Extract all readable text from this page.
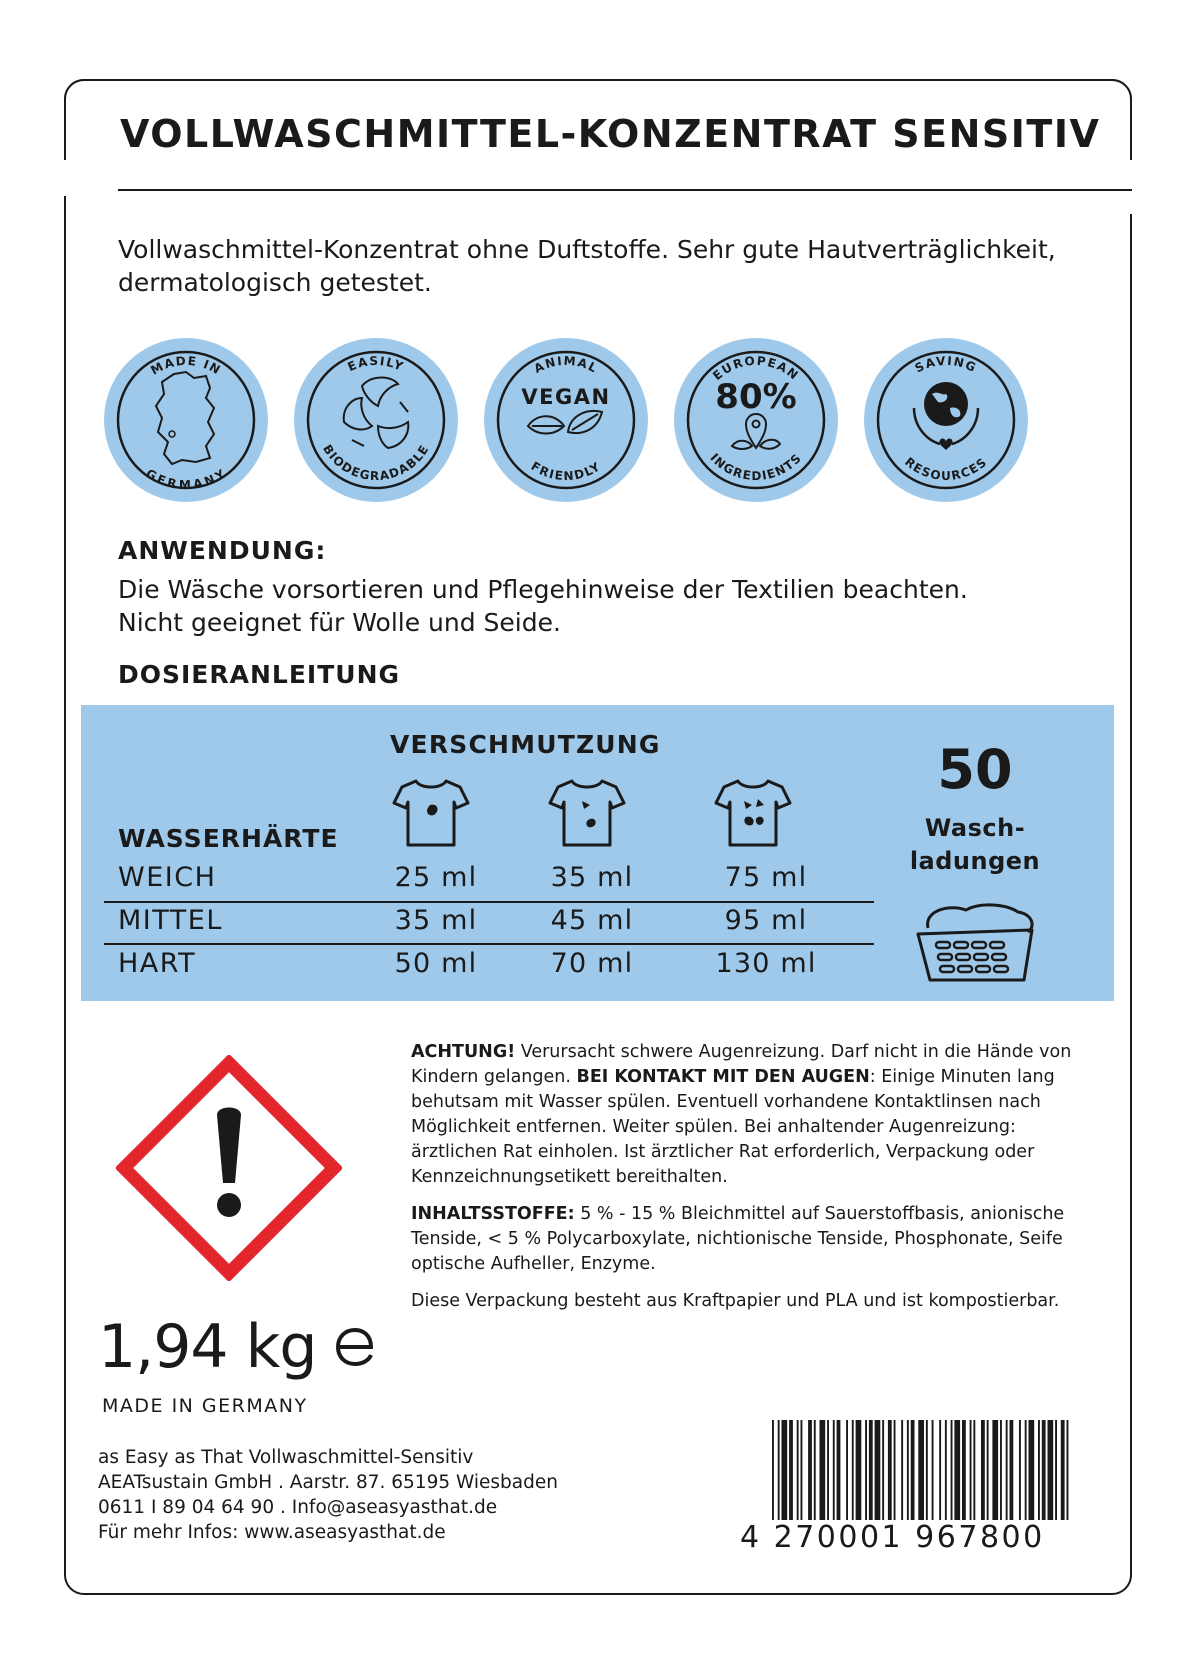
VOLLWASCHMITTEL-KONZENTRAT SENSITIV
Vollwaschmittel-Konzentrat ohne Duftstoffe. Sehr gute Hautverträglichkeit,
dermatologisch getestet.
MADE IN
GERMANY
EASILY
BIODEGRADABLE
ANIMAL
FRIENDLY
VEGAN
EUROPEAN
INGREDIENTS
80%
SAVING
RESOURCES
ANWENDUNG:
Die Wäsche vorsortieren und Pflegehinweise der Textilien beachten.
Nicht geeignet für Wolle und Seide.
DOSIERANLEITUNG
VERSCHMUTZUNG
WASSERHÄRTE
WEICH	25 ml	35 ml	75 ml
MITTEL	35 ml	45 ml	95 ml
HART	50 ml	70 ml	130 ml
50
Wasch-
ladungen

ACHTUNG! Verursacht schwere Augenreizung. Darf nicht in die Hände von Kindern gelangen. BEI KONTAKT MIT DEN AUGEN: Einige Minuten lang behutsam mit Wasser spülen. Eventuell vorhandene Kontaktlinsen nach Möglichkeit entfernen. Weiter spülen. Bei anhaltender Augenreizung: ärztlichen Rat einholen. Ist ärztlicher Rat erforderlich, Verpackung oder Kennzeichnungsetikett bereithalten.

INHALTSSTOFFE: 5 % - 15 % Bleichmittel auf Sauerstoffbasis, anionische Tenside, < 5 % Polycarboxylate, nichtionische Tenside, Phosphonate, Seife optische Aufheller, Enzyme.

Diese Verpackung besteht aus Kraftpapier und PLA und ist kompostierbar.

1,94 kg
MADE IN GERMANY
as Easy as That Vollwaschmittel-Sensitiv
AEATsustain GmbH . Aarstr. 87. 65195 Wiesbaden
0611 I 89 04 64 90 . Info@aseasyasthat.de
Für mehr Infos: www.aseasyasthat.de	4 270001 967800
